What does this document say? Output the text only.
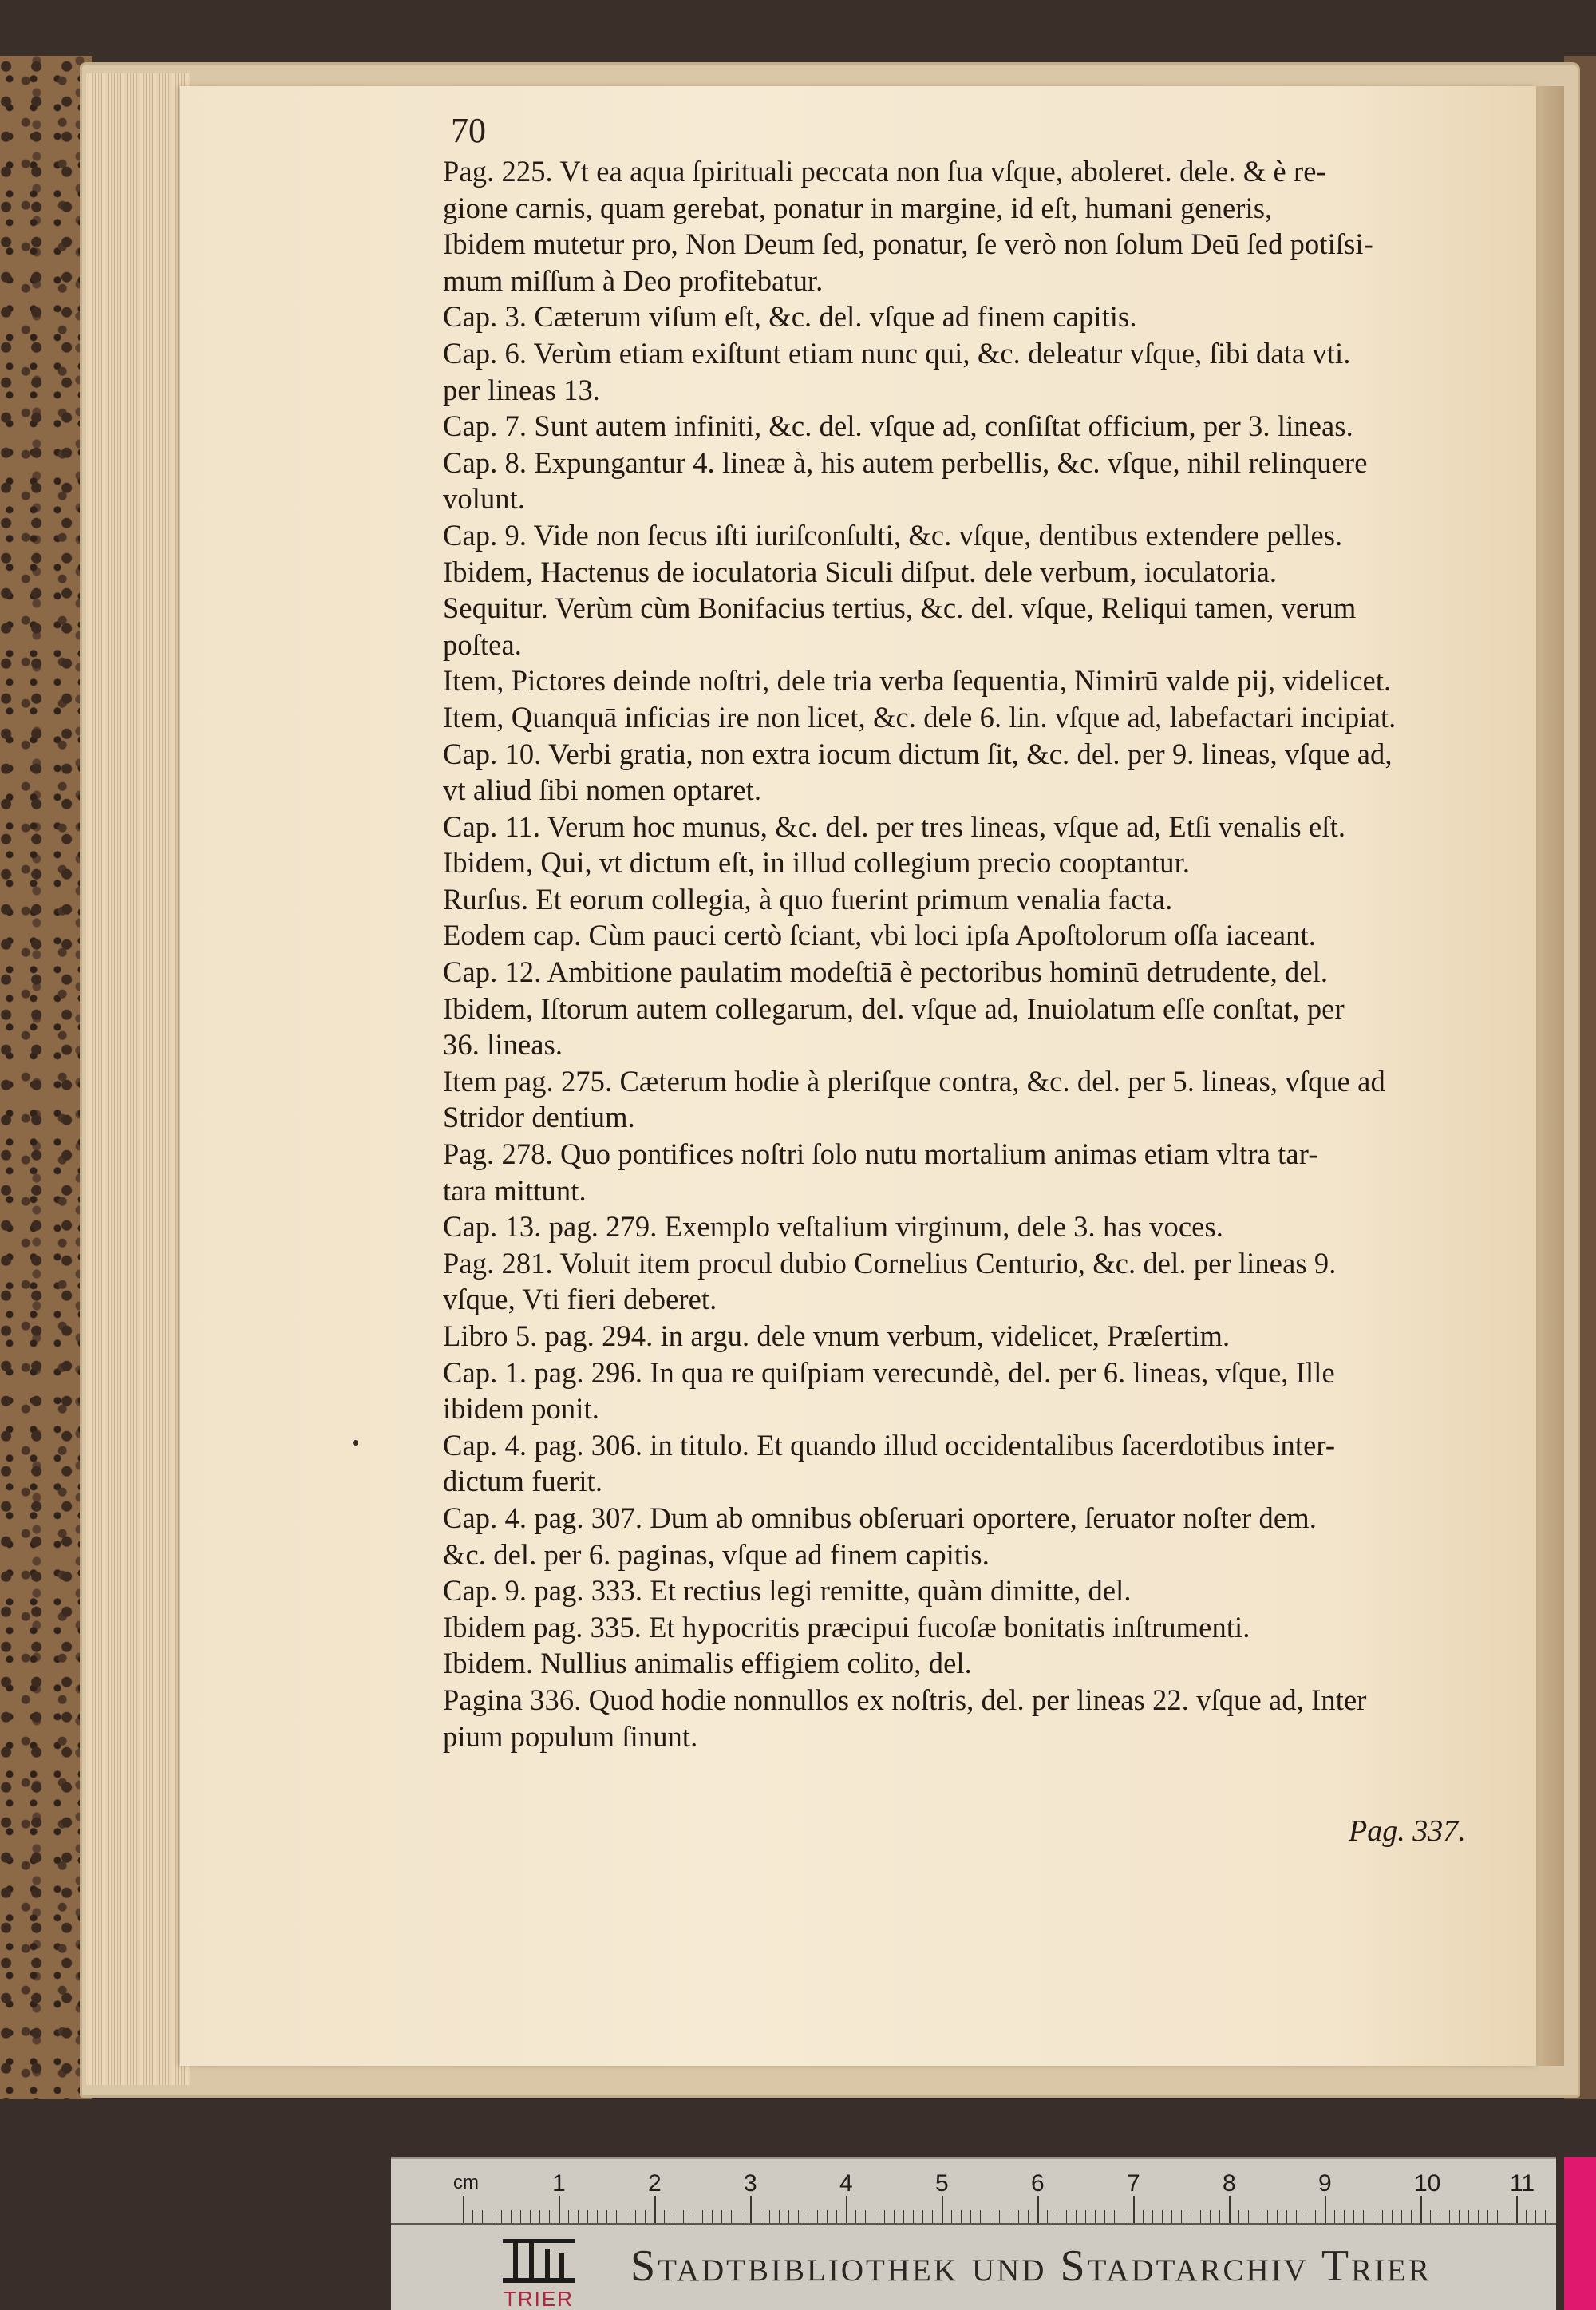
70

Pag. 225. Vt ea aqua ſpirituali peccata non ſua vſque, aboleret. dele. & è re-

gione carnis, quam gerebat, ponatur in margine, id eſt, humani generis,

Ibidem mutetur pro, Non Deum ſed, ponatur, ſe verò non ſolum Deū ſed potiſsi-

mum miſſum à Deo profitebatur.

Cap. 3. Cæterum viſum eſt, &c. del. vſque ad finem capitis.

Cap. 6. Verùm etiam exiſtunt etiam nunc qui, &c. deleatur vſque, ſibi data vti.

per lineas 13.

Cap. 7. Sunt autem infiniti, &c. del. vſque ad, conſiſtat officium, per 3. lineas.

Cap. 8. Expungantur 4. lineæ à, his autem perbellis, &c. vſque, nihil relinquere

volunt.

Cap. 9. Vide non ſecus iſti iuriſconſulti, &c. vſque, dentibus extendere pelles.

Ibidem, Hactenus de ioculatoria Siculi diſput. dele verbum, ioculatoria.

Sequitur. Verùm cùm Bonifacius tertius, &c. del. vſque, Reliqui tamen, verum

poſtea.

Item, Pictores deinde noſtri, dele tria verba ſequentia, Nimirū valde pij, videlicet.

Item, Quanquā inficias ire non licet, &c. dele 6. lin. vſque ad, labefactari incipiat.

Cap. 10. Verbi gratia, non extra iocum dictum ſit, &c. del. per 9. lineas, vſque ad,

vt aliud ſibi nomen optaret.

Cap. 11. Verum hoc munus, &c. del. per tres lineas, vſque ad, Etſi venalis eſt.

Ibidem, Qui, vt dictum eſt, in illud collegium precio cooptantur.

Rurſus. Et eorum collegia, à quo fuerint primum venalia facta.

Eodem cap. Cùm pauci certò ſciant, vbi loci ipſa Apoſtolorum oſſa iaceant.

Cap. 12. Ambitione paulatim modeſtiā è pectoribus hominū detrudente, del.

Ibidem, Iſtorum autem collegarum, del. vſque ad, Inuiolatum eſſe conſtat, per

36. lineas.

Item pag. 275. Cæterum hodie à pleriſque contra, &c. del. per 5. lineas, vſque ad

Stridor dentium.

Pag. 278. Quo pontifices noſtri ſolo nutu mortalium animas etiam vltra tar-

tara mittunt.

Cap. 13. pag. 279. Exemplo veſtalium virginum, dele 3. has voces.

Pag. 281. Voluit item procul dubio Cornelius Centurio, &c. del. per lineas 9.

vſque, Vti fieri deberet.

Libro 5. pag. 294. in argu. dele vnum verbum, videlicet, Præſertim.

Cap. 1. pag. 296. In qua re quiſpiam verecundè, del. per 6. lineas, vſque, Ille

ibidem ponit.

Cap. 4. pag. 306. in titulo. Et quando illud occidentalibus ſacerdotibus inter-

dictum fuerit.

Cap. 4. pag. 307. Dum ab omnibus obſeruari oportere, ſeruator noſter dem.

&c. del. per 6. paginas, vſque ad finem capitis.

Cap. 9. pag. 333. Et rectius legi remitte, quàm dimitte, del.

Ibidem pag. 335. Et hypocritis præcipui fucoſæ bonitatis inſtrumenti.

Ibidem. Nullius animalis effigiem colito, del.

Pagina 336. Quod hodie nonnullos ex noſtris, del. per lineas 22. vſque ad, Inter

pium populum ſinunt.

Pag. 337.

cm	1	2	3	4	5	6	7	8	9	10	11
TRIER
Stadtbibliothek und Stadtarchiv Trier
